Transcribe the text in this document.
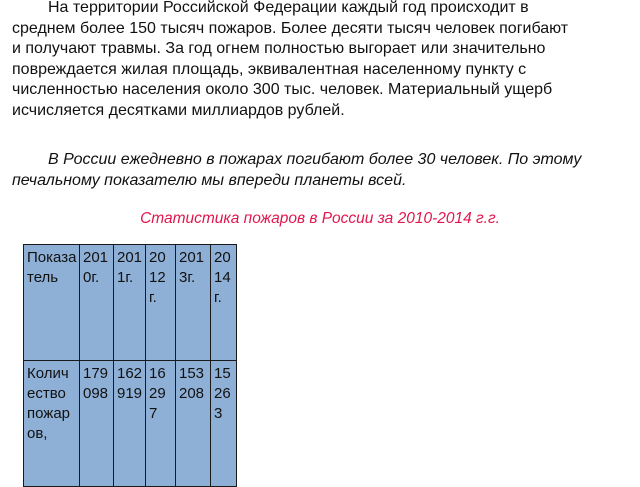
На территории Российской Федерации каждый год происходит в
среднем более 150 тысяч пожаров. Более десяти тысяч человек погибают
и получают травмы. За год огнем полностью выгорает или значительно
повреждается жилая площадь, эквивалентная населенному пункту с
численностью населения около 300 тыс. человек. Материальный ущерб
исчисляется десятками миллиардов рублей.
В России ежедневно в пожарах погибают более 30 человек. По этому
печальному показателю мы впереди планеты всей.

Статистика пожаров в России за 2010-2014 г.г.

Показатель	2010г.	2011г.	2012г.	2013г.	2014г.

Количество пожаров,	179098	162919	16297	153208	15263
